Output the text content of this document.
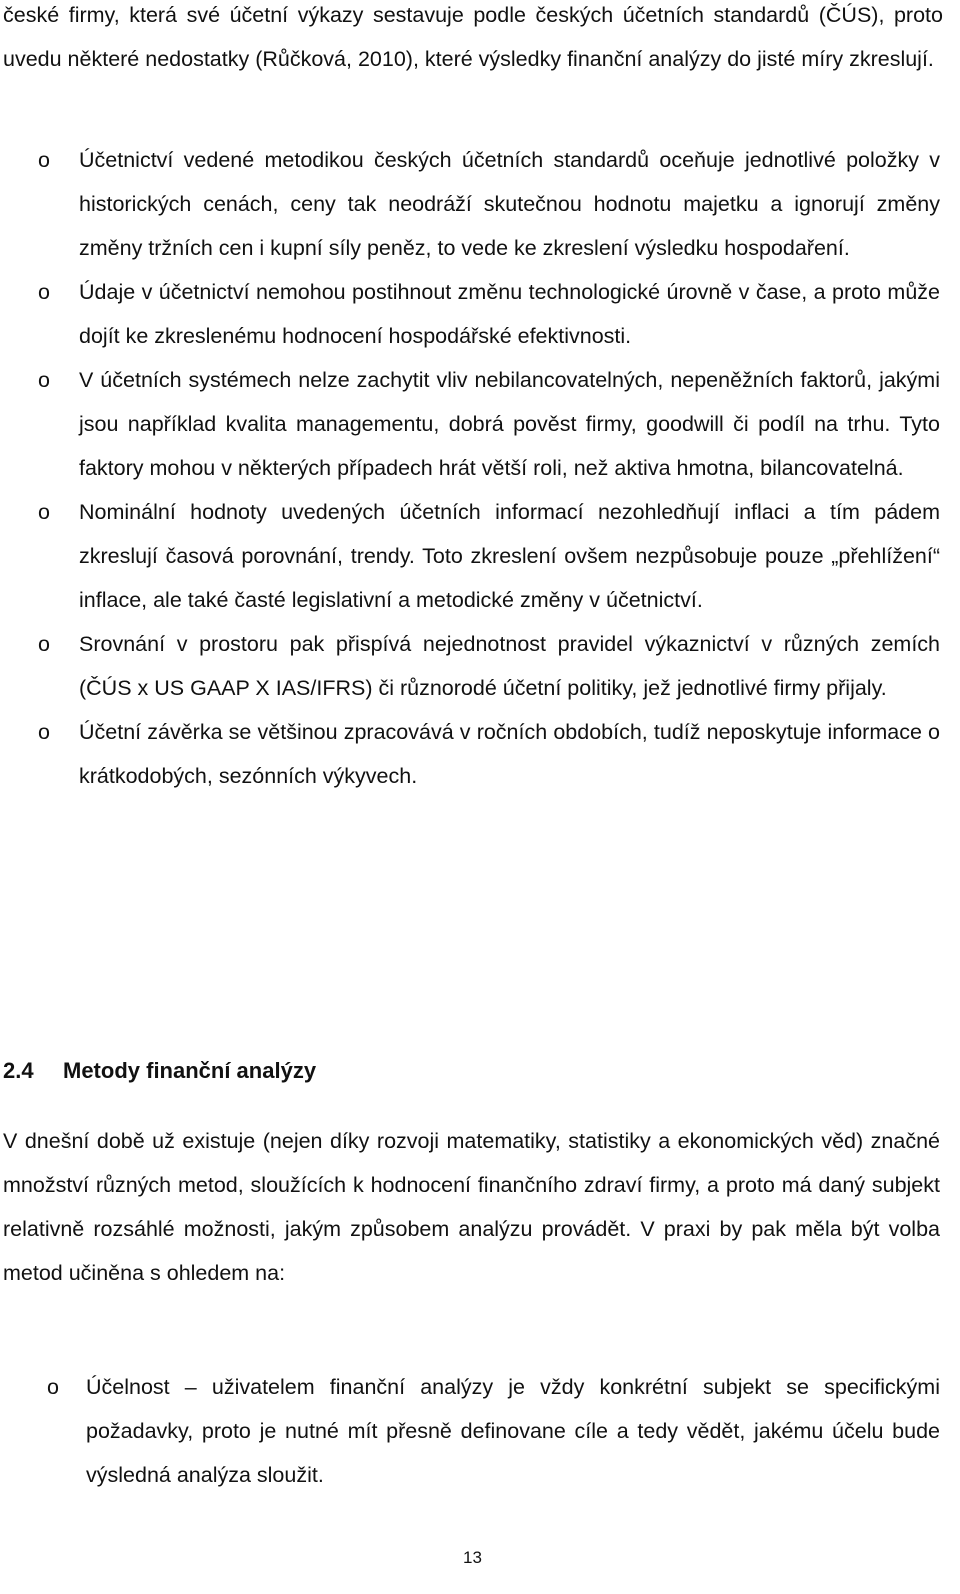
české firmy, která své účetní výkazy sestavuje podle českých účetních standardů (ČÚS), proto uvedu některé nedostatky (Růčková, 2010), které výsledky finanční analýzy do jisté míry zkreslují.

o Účetnictví vedené metodikou českých účetních standardů oceňuje jednotlivé položky v historických cenách, ceny tak neodráží skutečnou hodnotu majetku a ignorují změny změny tržních cen i kupní síly peněz, to vede ke zkreslení výsledku hospodaření.

o Údaje v účetnictví nemohou postihnout změnu technologické úrovně v čase, a proto může dojít ke zkreslenému hodnocení hospodářské efektivnosti.

o V účetních systémech nelze zachytit vliv nebilancovatelných, nepeněžních faktorů, jakými jsou například kvalita managementu, dobrá pověst firmy, goodwill či podíl na trhu. Tyto faktory mohou v některých případech hrát větší roli, než aktiva hmotna, bilancovatelná.

o Nominální hodnoty uvedených účetních informací nezohledňují inflaci a tím pádem zkreslují časová porovnání, trendy. Toto zkreslení ovšem nezpůsobuje pouze „přehlížení“ inflace, ale také časté legislativní a metodické změny v účetnictví.

o Srovnání v prostoru pak přispívá nejednotnost pravidel výkaznictví v různých zemích (ČÚS x US GAAP X IAS/IFRS) či různorodé účetní politiky, jež jednotlivé firmy přijaly.

o Účetní závěrka se většinou zpracovává v ročních obdobích, tudíž neposkytuje informace o krátkodobých, sezónních výkyvech.

2.4 Metody finanční analýzy

V dnešní době už existuje (nejen díky rozvoji matematiky, statistiky a ekonomických věd) značné množství různých metod, sloužících k hodnocení finančního zdraví firmy, a proto má daný subjekt relativně rozsáhlé možnosti, jakým způsobem analýzu provádět. V praxi by pak měla být volba metod učiněna s ohledem na:

o Účelnost – uživatelem finanční analýzy je vždy konkrétní subjekt se specifickými požadavky, proto je nutné mít přesně definovane cíle a tedy vědět, jakému účelu bude výsledná analýza sloužit.

13
